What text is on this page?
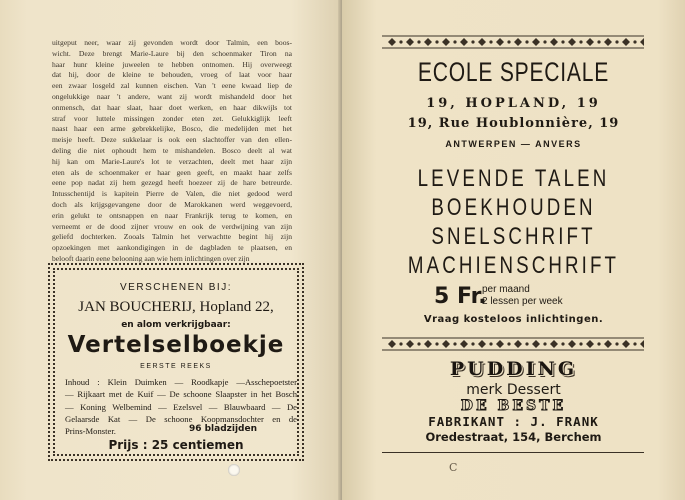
uitgeput neer, waar zij gevonden wordt door Talmin, een boos-
wicht. Deze brengt Marie-Laure bij den schoenmaker Tiron na
haar hunr kleine juweelen te hebben ontnomen. Hij overweegt
dat hij, door de kleine te behouden, vroeg of laat voor haar
een zwaar losgeld zal kunnen eischen. Van 't eene kwaad liep de
ongelukkige naar 't andere, want zij wordt mishandeld door het
onmensch, dat haar slaat, haar doet werken, en haar dikwijls tot
straf voor luttele missingen zonder eten zet. Gelukkiglijk leeft
naast haar een arme gebrekkelijke, Bosco, die medelijden met het
meisje heeft. Deze sukkelaar is ook een slachtoffer van den ellen-
deling die niet ophoudt hem te mishandelen. Bosco deelt al wat
hij kan om Marie-Laure's lot te verzachten, deelt met haar zijn
eten als de schoenmaker er haar geen geeft, en maakt haar zelfs
eene pop nadat zij hem gezegd heeft hoezeer zij de hare betreurde.
Intusschentijd is kapitein Pierre de Valen, die niet gedood werd
doch als krijgsgevangene door de Marokkanen werd weggevoerd,
erin gelukt te ontsnappen en naar Frankrijk terug te komen, en
verneemt er de dood zijner vrouw en ook de verdwijning van zijn
geliefd dochterken. Zooals Talmin het verwachtte begint hij zijn
opzoekingen met aankondigingen in de dagbladen te plaatsen, en
belooft daarin eene belooning aan wie hem inlichtingen over zijn
VERSCHENEN BIJ:
JAN BOUCHERIJ, Hopland 22,
en alom verkrijgbaar:
Vertelselboekje
EERSTE REEKS
Inhoud : Klein Duimken — Roodkapje —Asschepoetster
— Rijkaart met de Kuif — De schoone Slaapster in het Bosch
— Koning Welbemind — Ezelsvel — Blauwbaard — De
Gelaarsde Kat — De schoone Koopmansdochter en de
Prins-Monster.	96 bladzijden
Prijs : 25 centiemen
ECOLE SPECIALE
19, HOPLAND, 19
19, Rue Houblonnière, 19
ANTWERPEN — ANVERS
LEVENDE TALEN
BOEKHOUDEN
SNELSCHRIFT
MACHIENSCHRIFT
5 Fr.
per maand
2 lessen per week
Vraag kosteloos inlichtingen.
PUDDING
merk Dessert
DE BESTE
FABRIKANT : J. FRANK
Oredestraat, 154, Berchem
C
